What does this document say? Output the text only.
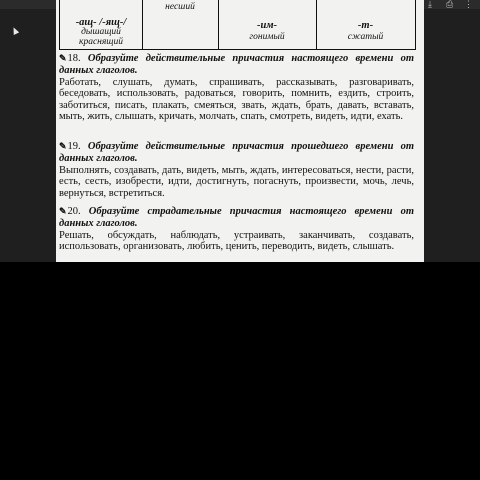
⤓ ⎙ ⋮
-ащ- /-ящ-/
дышащий
краснящий
несший
-им-
гонимый
-т-
сжатый

✎18. Образуйте действительные причастия настоящего времени от данных глаголов.

Работать, слушать, думать, спрашивать, рассказывать, разговаривать, беседовать, использовать, радоваться, говорить, помнить, ездить, строить, заботиться, писать, плакать, смеяться, звать, ждать, брать, давать, вставать, мыть, жить, слышать, кричать, молчать, спать, смотреть, видеть, идти, ехать.

✎19. Образуйте действительные причастия прошедшего времени от данных глаголов.

Выполнять, создавать, дать, видеть, мыть, ждать, интересоваться, нести, расти, есть, сесть, изобрести, идти, достигнуть, погаснуть, произвести, мочь, лечь, вернуться, встретиться.

✎20. Образуйте страдательные причастия настоящего времени от данных глаголов.

Решать, обсуждать, наблюдать, устраивать, заканчивать, создавать, использовать, организовать, любить, ценить, переводить, видеть, слышать.
